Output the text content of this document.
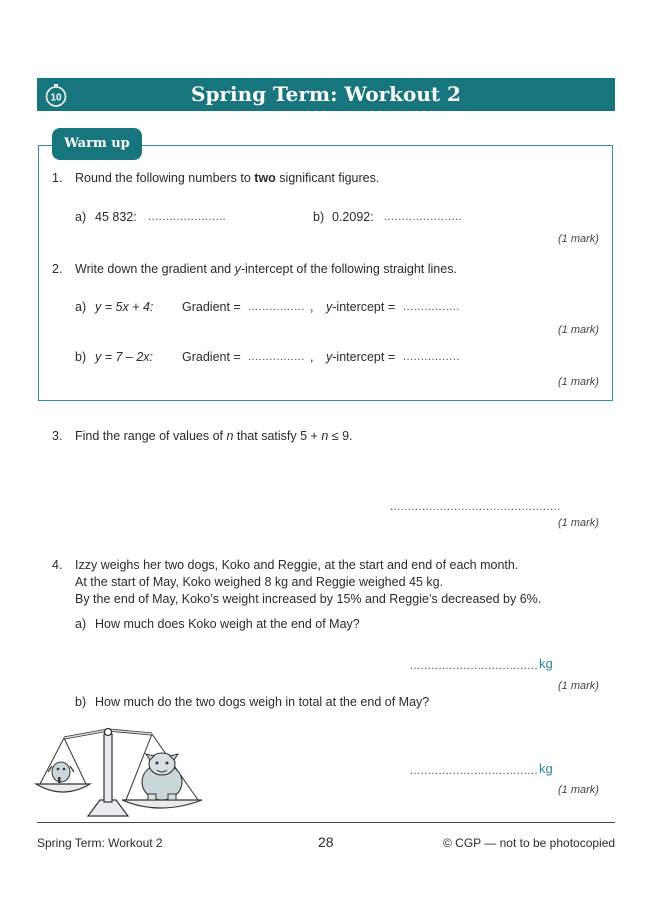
Spring Term: Workout 2
10
Warm up
1. Round the following numbers to two significant figures.
a) 45 832: ......................	b) 0.2092: ......................
(1 mark)
2. Write down the gradient and y-intercept of the following straight lines.
a) y = 5x + 4: Gradient = ................ , y-intercept = ................
(1 mark)
b) y = 7 – 2x: Gradient = ................ , y-intercept = ................
(1 mark)
3. Find the range of values of n that satisfy 5 + n ≤ 9.
................................................
(1 mark)
4. Izzy weighs her two dogs, Koko and Reggie, at the start and end of each month.
At the start of May, Koko weighed 8 kg and Reggie weighed 45 kg.
By the end of May, Koko’s weight increased by 15% and Reggie’s decreased by 6%.
a) How much does Koko weigh at the end of May?
.................................... kg
(1 mark)
b) How much do the two dogs weigh in total at the end of May?
.................................... kg
(1 mark)
Spring Term: Workout 2	28	© CGP — not to be photocopied
